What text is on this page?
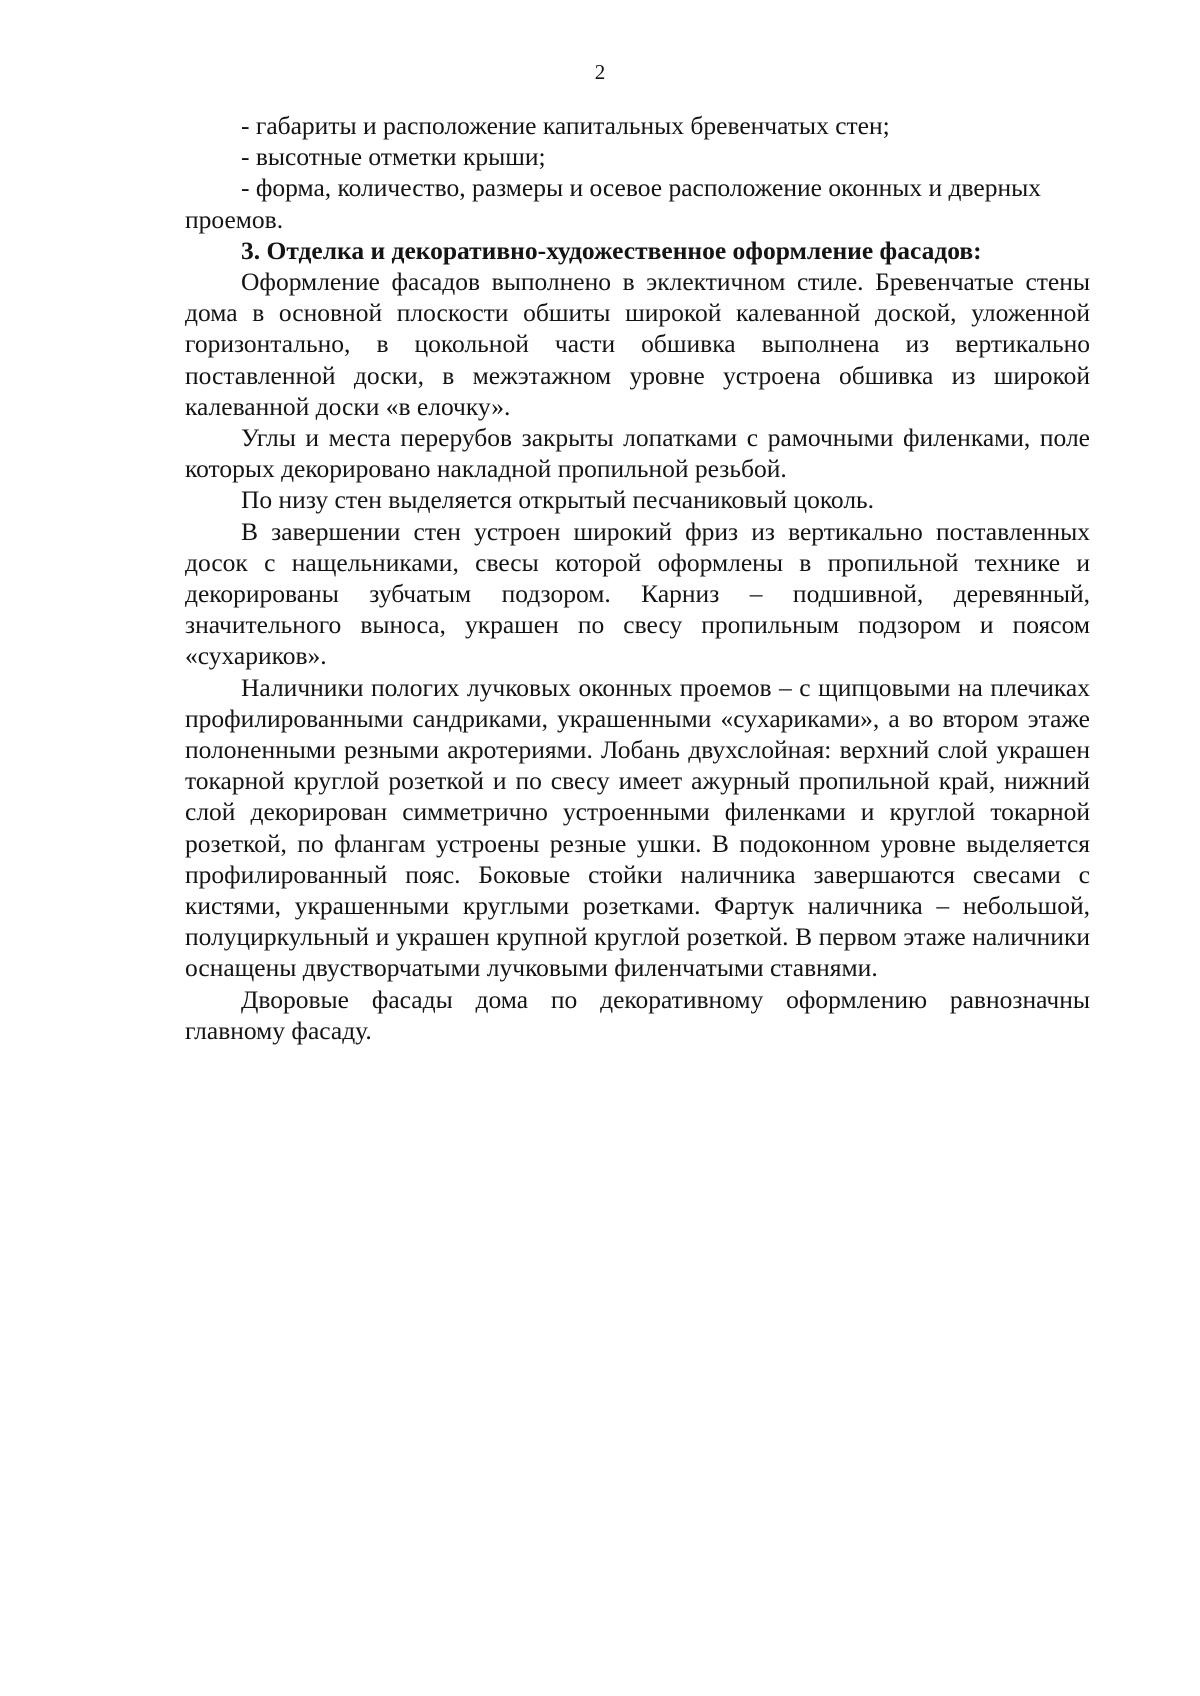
2

- габариты и расположение капитальных бревенчатых стен;

- высотные отметки крыши;

- форма, количество, размеры и осевое расположение оконных и дверных проемов.

3. Отделка и декоративно-художественное оформление фасадов:

Оформление фасадов выполнено в эклектичном стиле. Бревенчатые стены дома в основной плоскости обшиты широкой калеванной доской, уложенной горизонтально, в цокольной части обшивка выполнена из вертикально поставленной доски, в межэтажном уровне устроена обшивка из широкой калеванной доски «в елочку».

Углы и места перерубов закрыты лопатками с рамочными филенками, поле которых декорировано накладной пропильной резьбой.

По низу стен выделяется открытый песчаниковый цоколь.

В завершении стен устроен широкий фриз из вертикально поставленных досок с нащельниками, свесы которой оформлены в пропильной технике и декорированы зубчатым подзором. Карниз – подшивной, деревянный, значительного выноса, украшен по свесу пропильным подзором и поясом «сухариков».

Наличники пологих лучковых оконных проемов – с щипцовыми на плечиках профилированными сандриками, украшенными «сухариками», а во втором этаже полоненными резными акротериями. Лобань двухслойная: верхний слой украшен токарной круглой розеткой и по свесу имеет ажурный пропильной край, нижний слой декорирован симметрично устроенными филенками и круглой токарной розеткой, по флангам устроены резные ушки. В подоконном уровне выделяется профилированный пояс. Боковые стойки наличника завершаются свесами с кистями, украшенными круглыми розетками. Фартук наличника – небольшой, полуциркульный и украшен крупной круглой розеткой. В первом этаже наличники оснащены двустворчатыми лучковыми филенчатыми ставнями.

Дворовые фасады дома по декоративному оформлению равнозначны главному фасаду.
